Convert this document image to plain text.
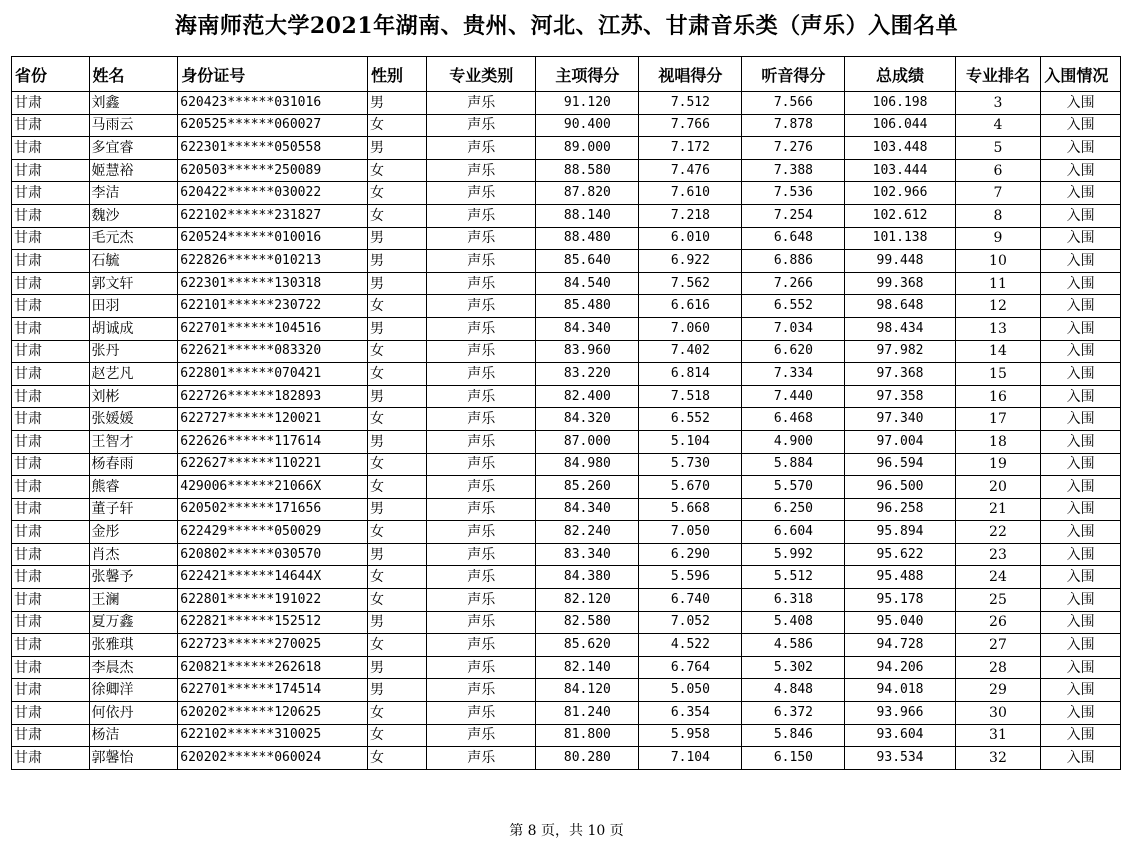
海南师范大学2021年湖南、贵州、河北、江苏、甘肃音乐类（声乐）入围名单
省份	姓名	身份证号	性别	专业类别	主项得分	视唱得分	听音得分	总成绩	专业排名	入围情况
甘肃	刘鑫	620423******031016	男	声乐	91.120	7.512	7.566	106.198	3	入围
甘肃	马雨云	620525******060027	女	声乐	90.400	7.766	7.878	106.044	4	入围
甘肃	多宜睿	622301******050558	男	声乐	89.000	7.172	7.276	103.448	5	入围
甘肃	姬慧裕	620503******250089	女	声乐	88.580	7.476	7.388	103.444	6	入围
甘肃	李洁	620422******030022	女	声乐	87.820	7.610	7.536	102.966	7	入围
甘肃	魏沙	622102******231827	女	声乐	88.140	7.218	7.254	102.612	8	入围
甘肃	毛元杰	620524******010016	男	声乐	88.480	6.010	6.648	101.138	9	入围
甘肃	石毓	622826******010213	男	声乐	85.640	6.922	6.886	99.448	10	入围
甘肃	郭文轩	622301******130318	男	声乐	84.540	7.562	7.266	99.368	11	入围
甘肃	田羽	622101******230722	女	声乐	85.480	6.616	6.552	98.648	12	入围
甘肃	胡诚成	622701******104516	男	声乐	84.340	7.060	7.034	98.434	13	入围
甘肃	张丹	622621******083320	女	声乐	83.960	7.402	6.620	97.982	14	入围
甘肃	赵艺凡	622801******070421	女	声乐	83.220	6.814	7.334	97.368	15	入围
甘肃	刘彬	622726******182893	男	声乐	82.400	7.518	7.440	97.358	16	入围
甘肃	张媛媛	622727******120021	女	声乐	84.320	6.552	6.468	97.340	17	入围
甘肃	王智才	622626******117614	男	声乐	87.000	5.104	4.900	97.004	18	入围
甘肃	杨春雨	622627******110221	女	声乐	84.980	5.730	5.884	96.594	19	入围
甘肃	熊睿	429006******21066X	女	声乐	85.260	5.670	5.570	96.500	20	入围
甘肃	董子轩	620502******171656	男	声乐	84.340	5.668	6.250	96.258	21	入围
甘肃	金彤	622429******050029	女	声乐	82.240	7.050	6.604	95.894	22	入围
甘肃	肖杰	620802******030570	男	声乐	83.340	6.290	5.992	95.622	23	入围
甘肃	张馨予	622421******14644X	女	声乐	84.380	5.596	5.512	95.488	24	入围
甘肃	王澜	622801******191022	女	声乐	82.120	6.740	6.318	95.178	25	入围
甘肃	夏万鑫	622821******152512	男	声乐	82.580	7.052	5.408	95.040	26	入围
甘肃	张雅琪	622723******270025	女	声乐	85.620	4.522	4.586	94.728	27	入围
甘肃	李晨杰	620821******262618	男	声乐	82.140	6.764	5.302	94.206	28	入围
甘肃	徐卿洋	622701******174514	男	声乐	84.120	5.050	4.848	94.018	29	入围
甘肃	何依丹	620202******120625	女	声乐	81.240	6.354	6.372	93.966	30	入围
甘肃	杨洁	622102******310025	女	声乐	81.800	5.958	5.846	93.604	31	入围
甘肃	郭馨怡	620202******060024	女	声乐	80.280	7.104	6.150	93.534	32	入围
第 8 页，共 10 页
